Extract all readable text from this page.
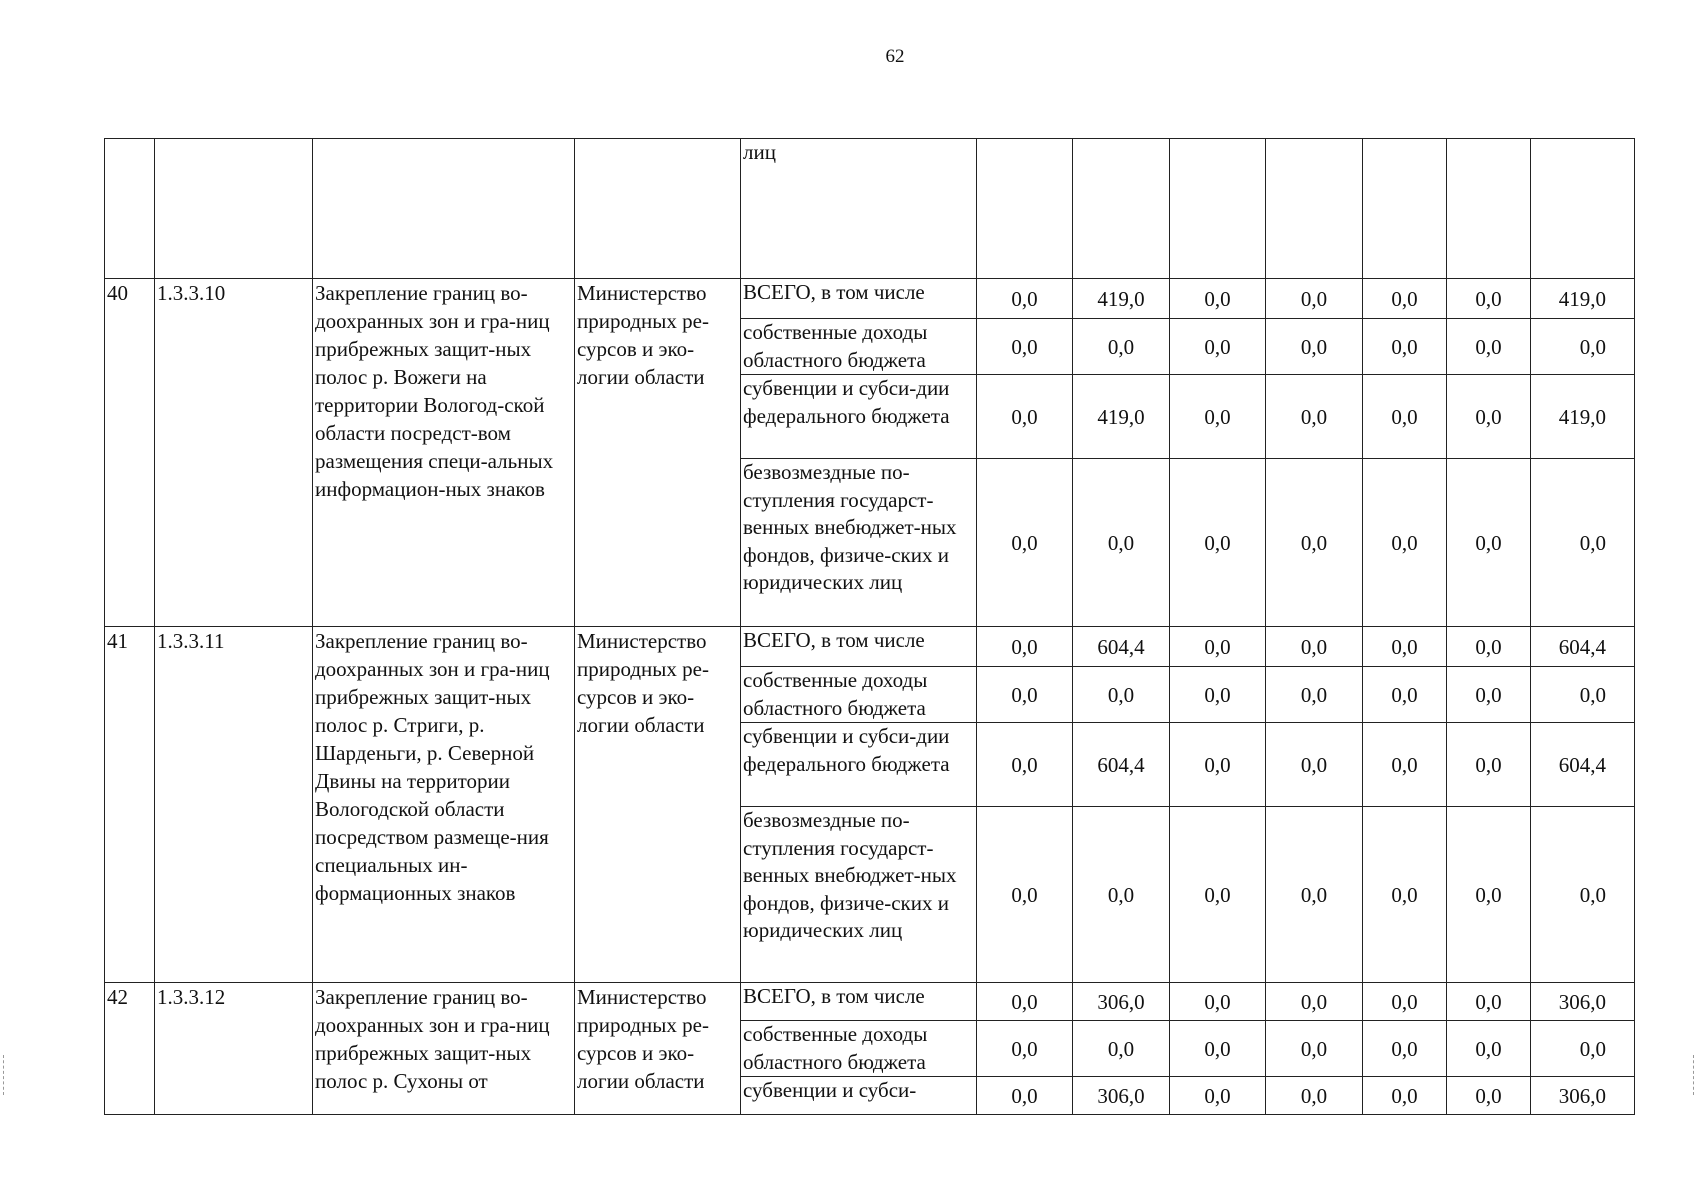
62
				лиц							
40	1.3.3.10	Закрепление границ во-доохранных зон и гра-ниц прибрежных защит-ных полос р. Вожеги на территории Вологод-ской области посредст-вом размещения специ-альных информацион-ных знаков	Министерство природных ре-сурсов и эко-логии области	ВСЕГО, в том числе	0,0	419,0	0,0	0,0	0,0	0,0	419,0
				собственные доходы областного бюджета	0,0	0,0	0,0	0,0	0,0	0,0	0,0
				субвенции и субси-дии федерального бюджета	0,0	419,0	0,0	0,0	0,0	0,0	419,0
				безвозмездные по-ступления государст-венных внебюджет-ных фондов, физиче-ских и юридических лиц	0,0	0,0	0,0	0,0	0,0	0,0	0,0
41	1.3.3.11	Закрепление границ во-доохранных зон и гра-ниц прибрежных защит-ных полос р. Стриги, р. Шарденьги, р. Северной Двины на территории Вологодской области посредством размеще-ния специальных ин-формационных знаков	Министерство природных ре-сурсов и эко-логии области	ВСЕГО, в том числе	0,0	604,4	0,0	0,0	0,0	0,0	604,4
				собственные доходы областного бюджета	0,0	0,0	0,0	0,0	0,0	0,0	0,0
				субвенции и субси-дии федерального бюджета	0,0	604,4	0,0	0,0	0,0	0,0	604,4
				безвозмездные по-ступления государст-венных внебюджет-ных фондов, физиче-ских и юридических лиц	0,0	0,0	0,0	0,0	0,0	0,0	0,0
42	1.3.3.12	Закрепление границ во-доохранных зон и гра-ниц прибрежных защит-ных полос р. Сухоны от	Министерство природных ре-сурсов и эко-логии области	ВСЕГО, в том числе	0,0	306,0	0,0	0,0	0,0	0,0	306,0
				собственные доходы областного бюджета	0,0	0,0	0,0	0,0	0,0	0,0	0,0
				субвенции и субси-	0,0	306,0	0,0	0,0	0,0	0,0	306,0
